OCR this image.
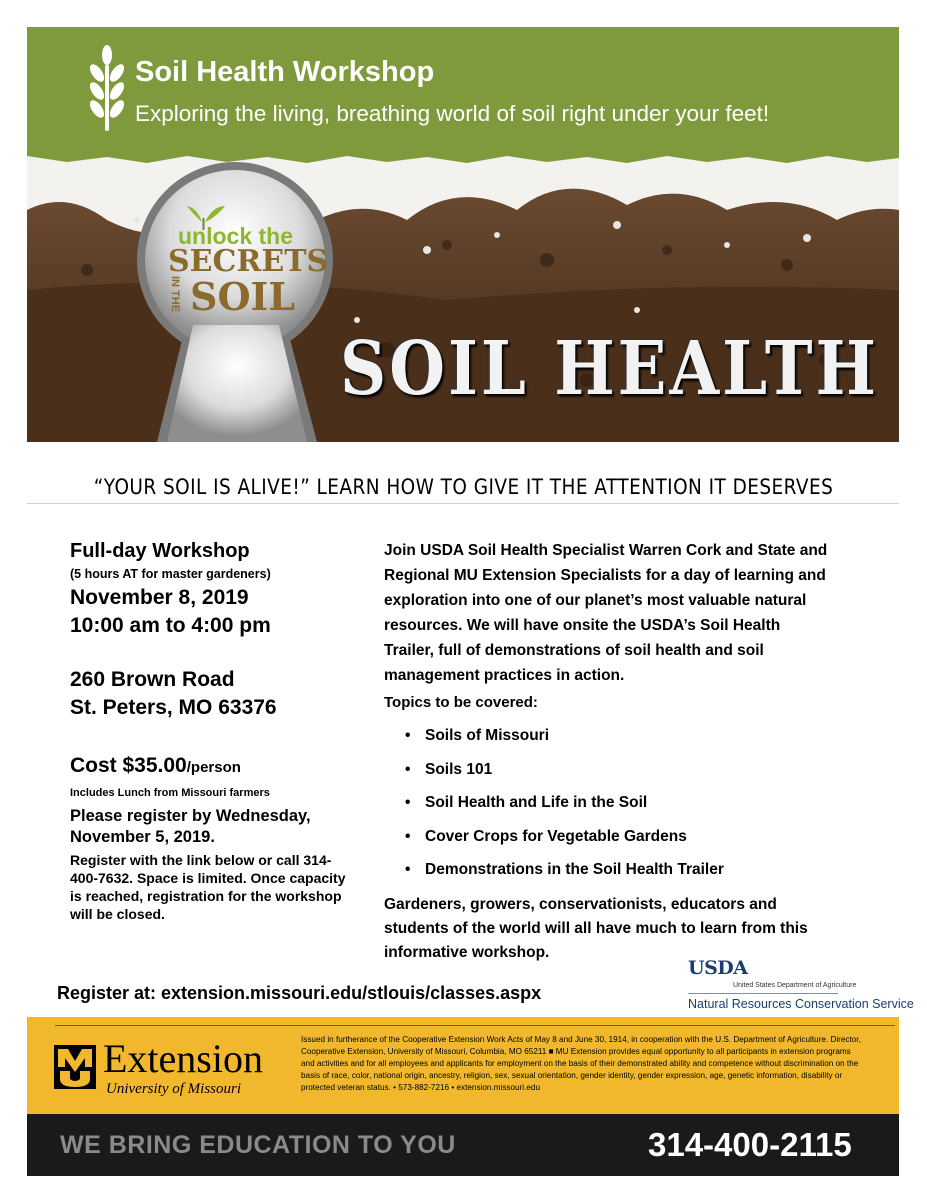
Soil Health Workshop
Exploring the living, breathing world of soil right under your feet!
unlock the
SECRETS
IN THE SOIL
SOIL HEALTH
“YOUR SOIL IS ALIVE!” LEARN HOW TO GIVE IT THE ATTENTION IT DESERVES
Full-day Workshop
(5 hours AT for master gardeners)
November 8, 2019
10:00 am to 4:00 pm
260 Brown Road
St. Peters, MO 63376
Cost $35.00/person
Includes Lunch from Missouri farmers
Please register by Wednesday,
November 5, 2019.
Register with the link below or call 314-400-7632. Space is limited. Once capacity is reached, registration for the workshop will be closed.
Join USDA Soil Health Specialist Warren Cork and State and Regional MU Extension Specialists for a day of learning and exploration into one of our planet’s most valuable natural resources. We will have onsite the USDA’s Soil Health Trailer, full of demonstrations of soil health and soil management practices in action.
Topics to be covered:
• Soils of Missouri
• Soils 101
• Soil Health and Life in the Soil
• Cover Crops for Vegetable Gardens
• Demonstrations in the Soil Health Trailer
Gardeners, growers, conservationists, educators and students of the world will all have much to learn from this informative workshop.
Register at: extension.missouri.edu/stlouis/classes.aspx
USDA
United States Department of Agriculture
Natural Resources Conservation Service
Extension
University of Missouri
Issued in furtherance of the Cooperative Extension Work Acts of May 8 and June 30, 1914, in cooperation with the U.S. Department of Agriculture. Director, Cooperative Extension, University of Missouri, Columbia, MO 65211 ■ MU Extension provides equal opportunity to all participants in extension programs and activities and for all employees and applicants for employment on the basis of their demonstrated ability and competence without discrimination on the basis of race, color, national origin, ancestry, religion, sex, sexual orientation, gender identity, gender expression, age, genetic information, disability or protected veteran status. • 573-882-7216 • extension.missouri.edu
WE BRING EDUCATION TO YOU	314-400-2115
